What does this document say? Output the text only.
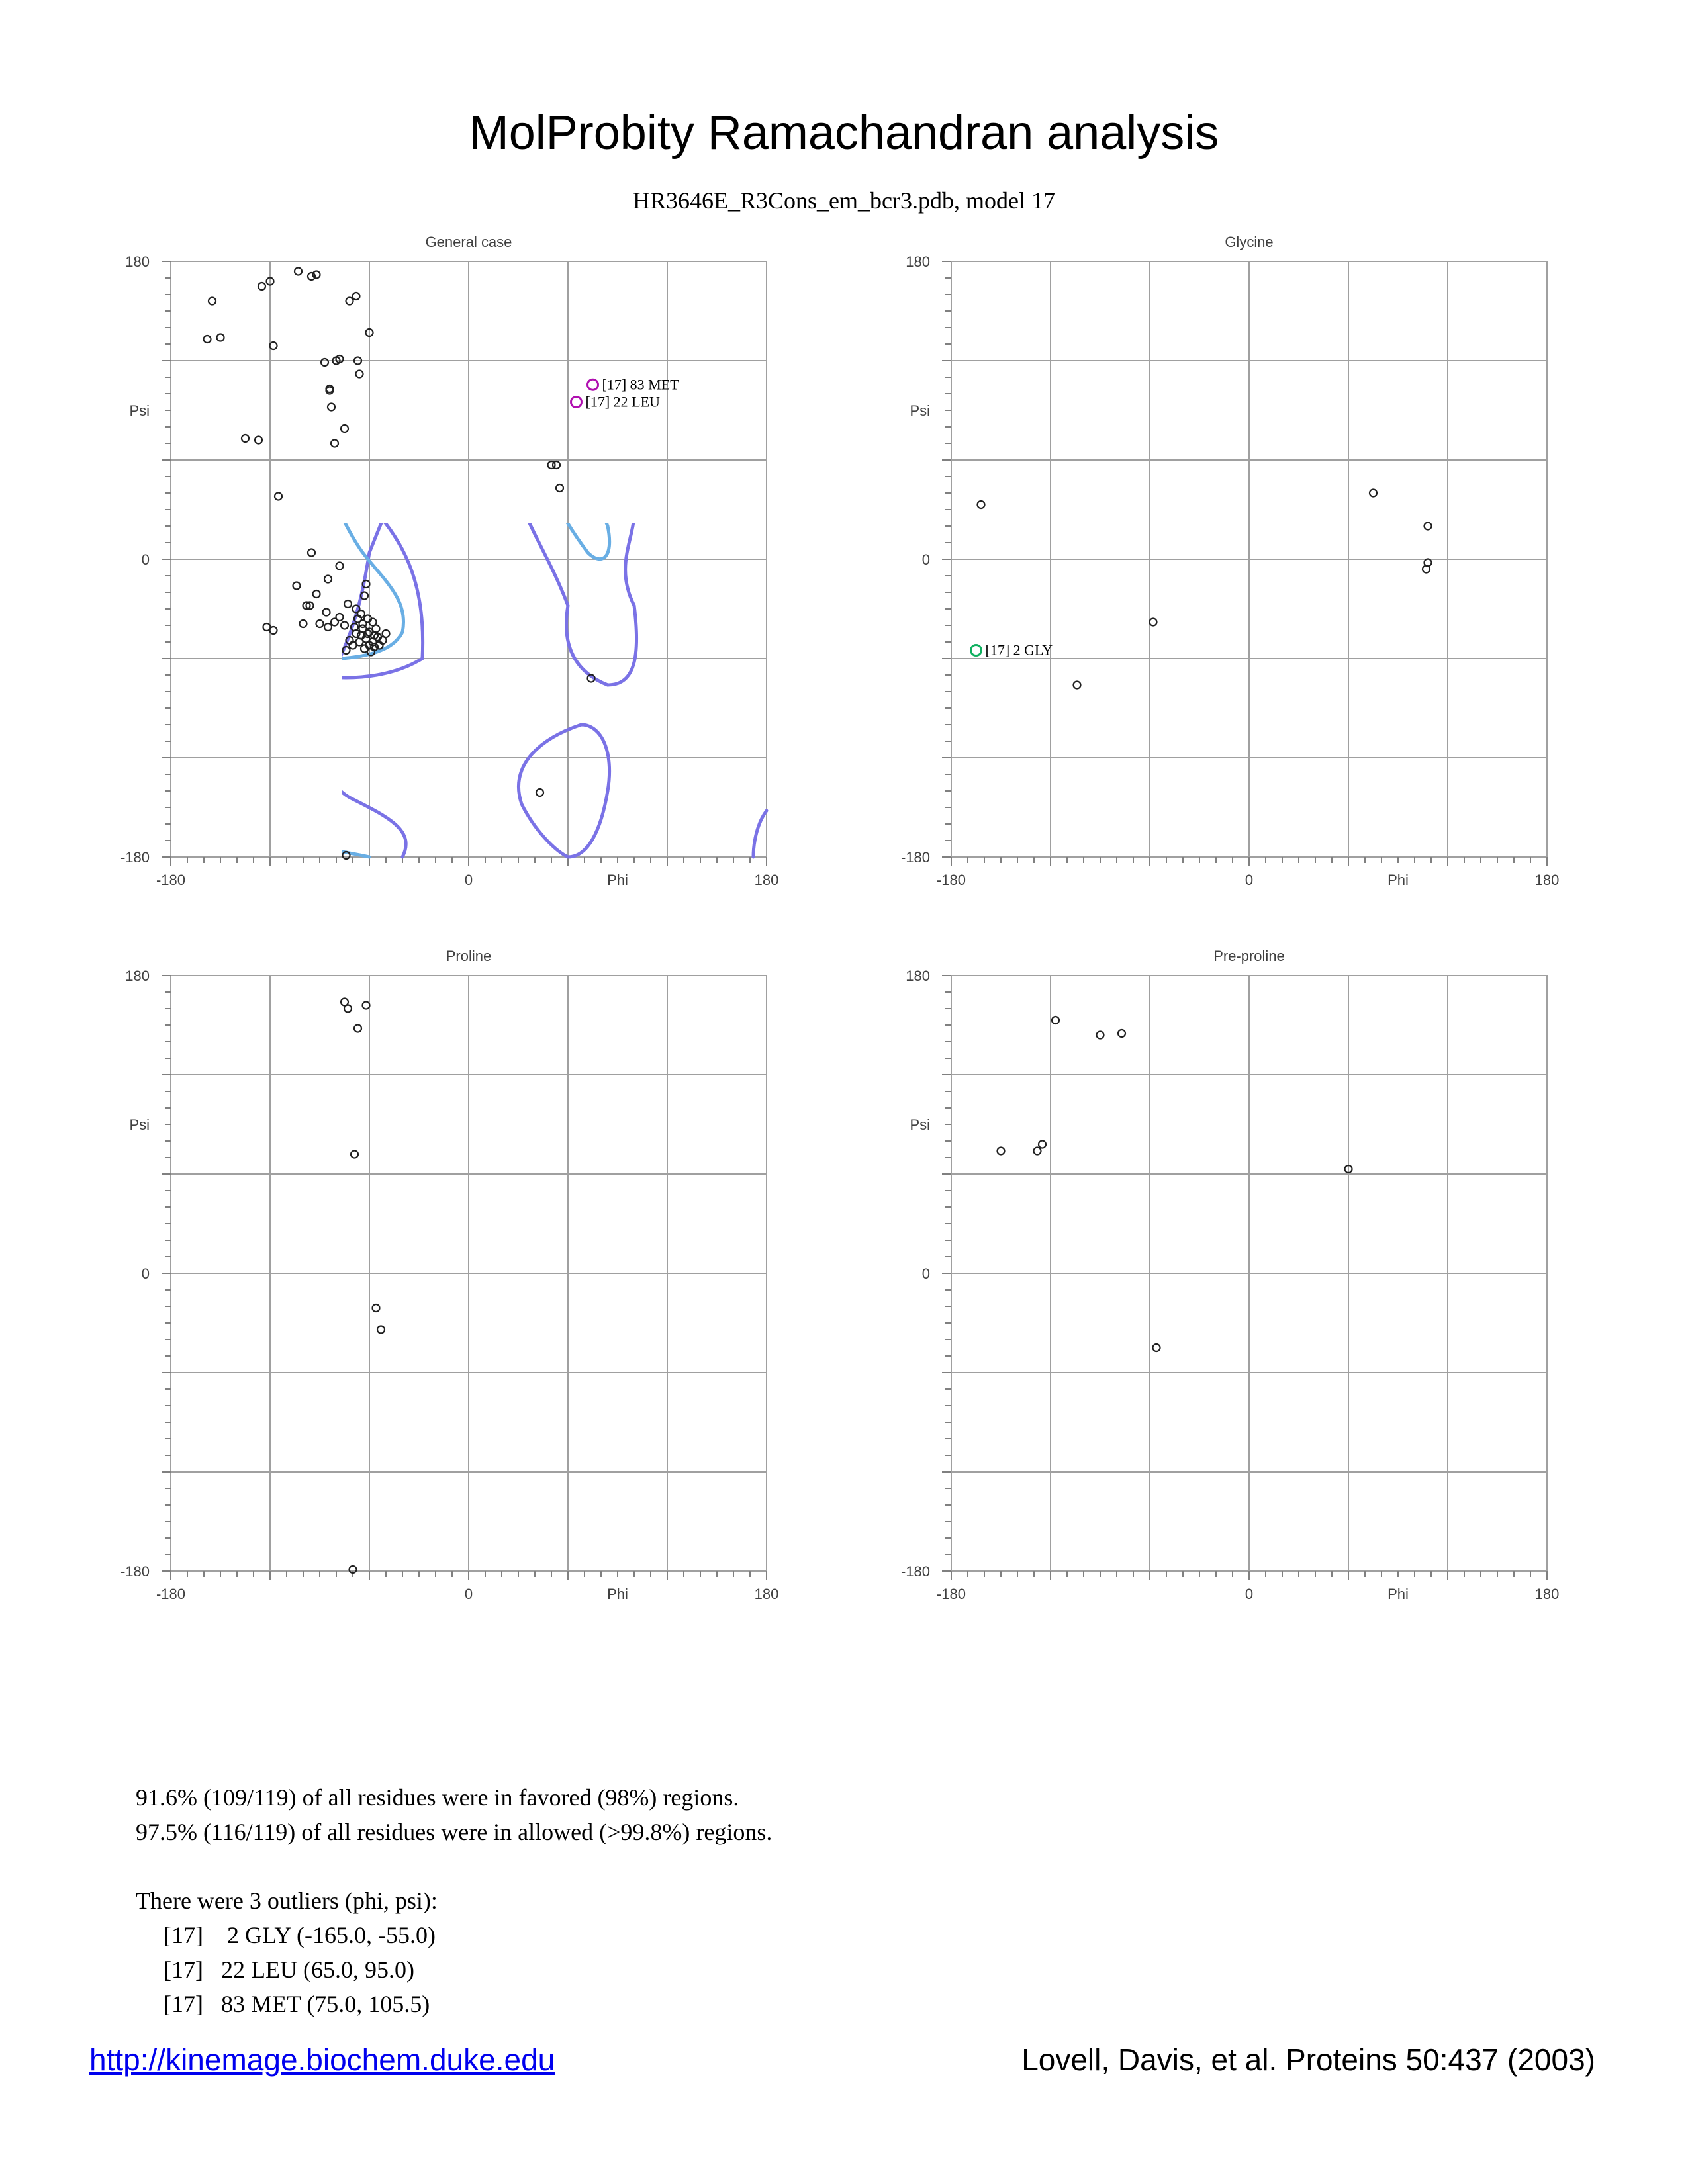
MolProbity Ramachandran analysis
HR3646E_R3Cons_em_bcr3.pdb, model 17
General case
-180	0	180
180
0
-180
Phi
Psi
[17] 83 MET
[17] 22 LEU
Glycine
-180	0	180
180
0
-180
Phi
Psi
[17] 2 GLY
Proline
-180	0	180
180
0
-180
Phi
Psi
Pre-proline
-180	0	180
180
0
-180
Phi
Psi
91.6% (109/119) of all residues were in favored (98%) regions.
97.5% (116/119) of all residues were in allowed (>99.8%) regions.
There were 3 outliers (phi, psi):
[17]    2 GLY (-165.0, -55.0)
[17]   22 LEU (65.0, 95.0)
[17]   83 MET (75.0, 105.5)
http://kinemage.biochem.duke.edu	Lovell, Davis, et al. Proteins 50:437 (2003)
